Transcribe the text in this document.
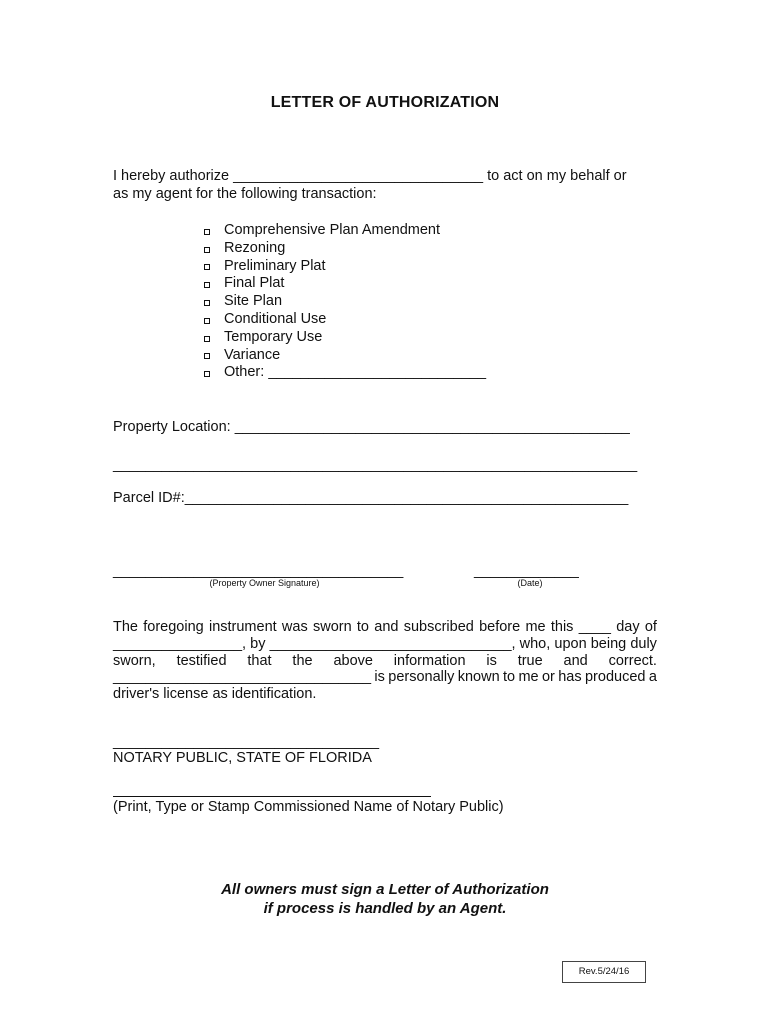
LETTER OF AUTHORIZATION
I hereby authorize _______________________________ to act on my behalf or
as my agent for the following transaction:
Comprehensive Plan Amendment
Rezoning
Preliminary Plat
Final Plat
Site Plan
Conditional Use
Temporary Use
Variance
Other: ___________________________
Property Location: _________________________________________________
_________________________________________________________________
Parcel ID#:_______________________________________________________
____________________________________	_____________
(Property Owner Signature)	(Date)
The foregoing instrument was sworn to and subscribed before me this ____ day of
________________, by ______________________________, who, upon being duly
sworn, testified that the above information is true and correct.
________________________________ is personally known to me or has produced a
driver's license as identification.
_________________________________
NOTARY PUBLIC, STATE OF FLORIDA
(Print, Type or Stamp Commissioned Name of Notary Public)
All owners must sign a Letter of Authorization
if process is handled by an Agent.
Rev.5/24/16
